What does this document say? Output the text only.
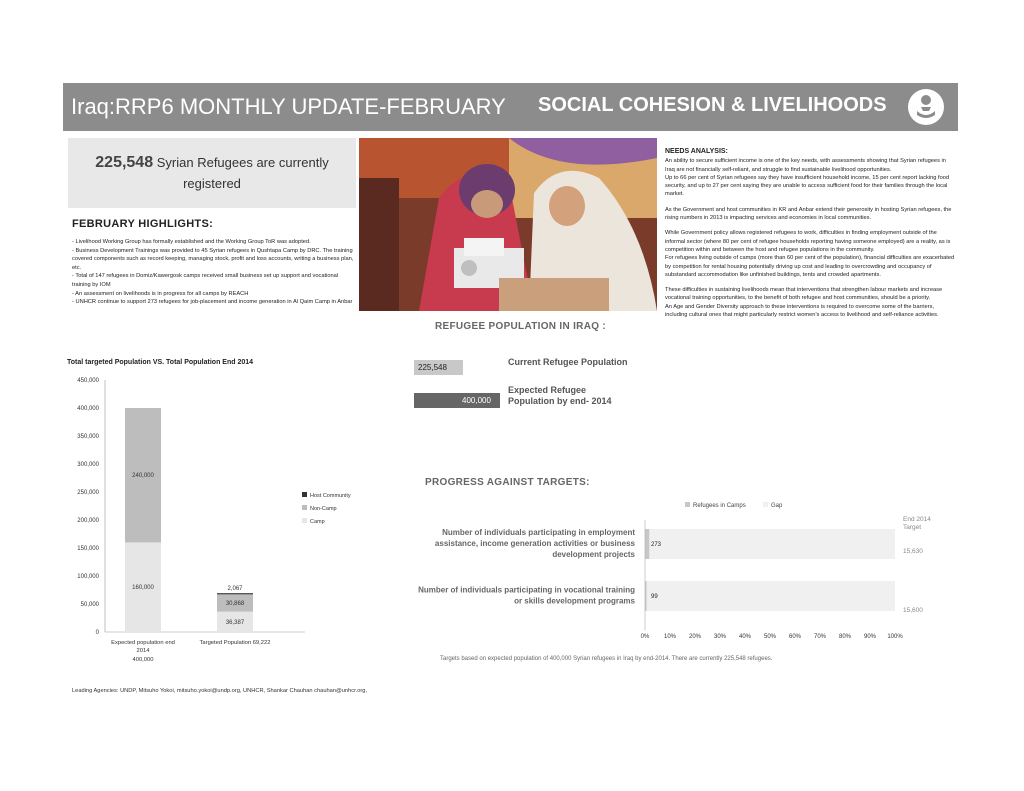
Iraq:RRP6 MONTHLY UPDATE-FEBRUARY SOCIAL COHESION & LIVELIHOODS
225,548 Syrian Refugees are currently
registered
FEBRUARY HIGHLIGHTS:
- Livelihood Working Group has formally established and the Working Group ToR was adopted.
- Business Development Trainings was provided to 45 Syrian refugees in Qushtapa Camp by DRC. The training covered components such as record keeping, managing stock, profit and loss accounts, writing a business plan, etc.
- Total of 147 refugees in Domiz/Kawergosk camps received small business set up support and vocational training by IOM
- An assessment on livelihoods is in progress for all camps by REACH
- UNHCR continue to support 273 refugees for job-placement and income generation in Al Qaim Camp in Anbar
NEEDS ANALYSIS:

An ability to secure sufficient income is one of the key needs, with assessments showing that Syrian refugees in Iraq are not financially self-reliant, and struggle to find sustainable livelihood opportunities.
Up to 66 per cent of Syrian refugees say they have insufficient household income, 15 per cent report lacking food security, and up to 27 per cent saying they are unable to access sufficient food for their families through the local market.

As the Government and host communities in KR and Anbar extend their generosity in hosting Syrian refugees, the rising numbers in 2013 is impacting services and economies in local communities.

While Government policy allows registered refugees to work, difficulties in finding employment outside of the informal sector (where 80 per cent of refugee households reporting having someone employed) are a reality, as is competition within and between the host and refugee populations in the community.
For refugees living outside of camps (more than 60 per cent of the population), financial difficulties are exacerbated by competition for rental housing potentially driving up cost and leading to overcrowding and occupancy of substandard accommodation like unfinished buildings, tents and crowded apartments.

These difficulties in sustaining livelihoods mean that interventions that strengthen labour markets and increase vocational training opportunities, to the benefit of both refugee and host communities, should be a priority.
An Age and Gender Diversity approach to these interventions is required to overcome some of the barriers, including cultural ones that might particularly restrict women's access to livelihood and self-reliance activities.

REFUGEE POPULATION IN IRAQ :
225,548
Current Refugee Population
400,000
Expected Refugee Population by end- 2014
Total targeted Population VS. Total Population End 2014
0
50,000
100,000
150,000
200,000
250,000
300,000
350,000
400,000
450,000
160,000
240,000
Expected population end
2014
400,000
36,387
30,868
2,067
Targeted Population 69,222
Host Community
Non-Camp
Camp
PROGRESS AGAINST TARGETS:
Refugees in Camps	Gap
End 2014
Target
273
15,630
Number of individuals participating in employment
assistance, income generation activities or business
development projects
99
15,600
Number of individuals participating in vocational training
or skills development programs
0% 10% 20% 30% 40% 50% 60% 70% 80% 90% 100%
Targets based on expected population of 400,000 Syrian refugees in Iraq by end-2014. There are currently 225,548 refugees.
Leading Agencies: UNDP, Mitsuho Yokoi, mitsuho.yokoi@undp.org, UNHCR, Shankar Chauhan chauhan@unhcr.org,
